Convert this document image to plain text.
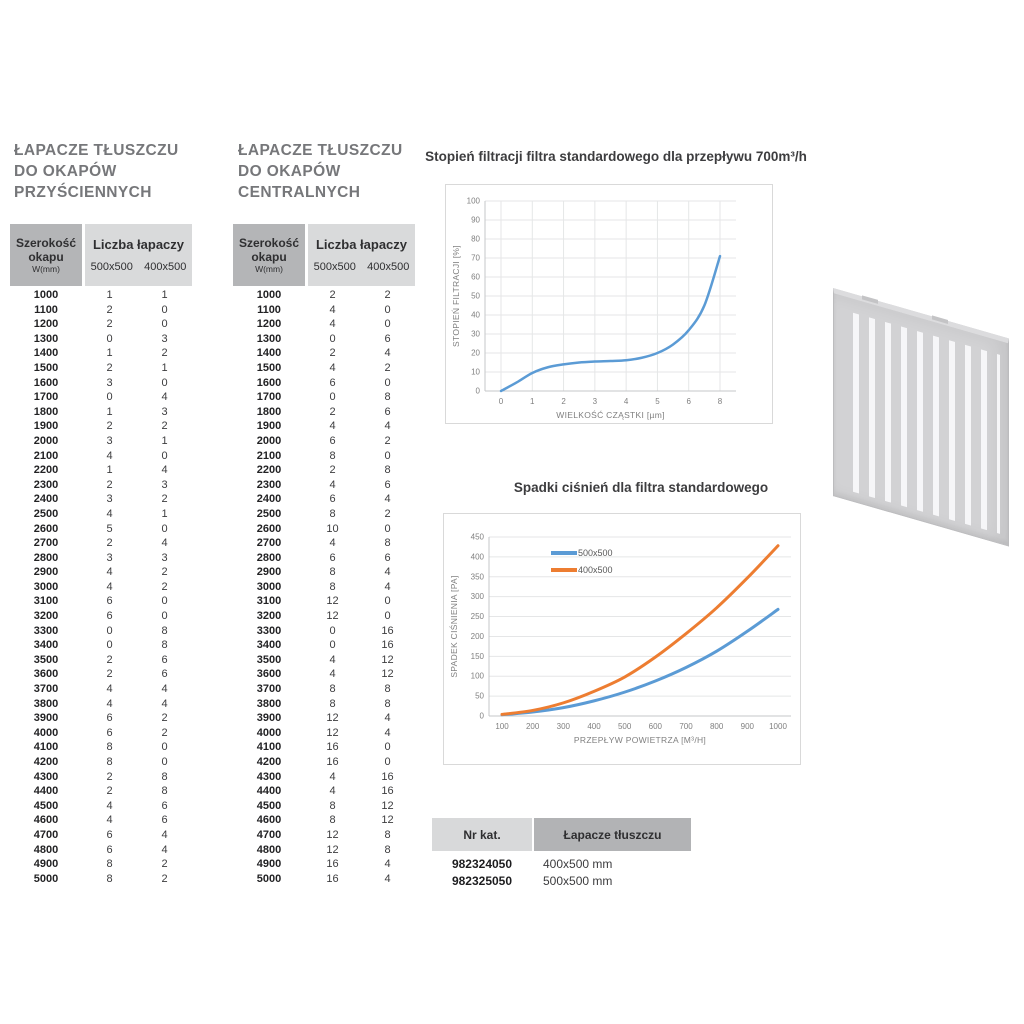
ŁAPACZE TŁUSZCZU
DO OKAPÓW
PRZYŚCIENNYCH
Szerokość
okapu
W(mm)
Liczba łapaczy
500x500	400x500
1000	1	1
1100	2	0
1200	2	0
1300	0	3
1400	1	2
1500	2	1
1600	3	0
1700	0	4
1800	1	3
1900	2	2
2000	3	1
2100	4	0
2200	1	4
2300	2	3
2400	3	2
2500	4	1
2600	5	0
2700	2	4
2800	3	3
2900	4	2
3000	4	2
3100	6	0
3200	6	0
3300	0	8
3400	0	8
3500	2	6
3600	2	6
3700	4	4
3800	4	4
3900	6	2
4000	6	2
4100	8	0
4200	8	0
4300	2	8
4400	2	8
4500	4	6
4600	4	6
4700	6	4
4800	6	4
4900	8	2
5000	8	2
ŁAPACZE TŁUSZCZU
DO OKAPÓW
CENTRALNYCH
Szerokość
okapu
W(mm)
Liczba łapaczy
500x500	400x500
1000	2	2
1100	4	0
1200	4	0
1300	0	6
1400	2	4
1500	4	2
1600	6	0
1700	0	8
1800	2	6
1900	4	4
2000	6	2
2100	8	0
2200	2	8
2300	4	6
2400	6	4
2500	8	2
2600	10	0
2700	4	8
2800	6	6
2900	8	4
3000	8	4
3100	12	0
3200	12	0
3300	0	16
3400	0	16
3500	4	12
3600	4	12
3700	8	8
3800	8	8
3900	12	4
4000	12	4
4100	16	0
4200	16	0
4300	4	16
4400	4	16
4500	8	12
4600	8	12
4700	12	8
4800	12	8
4900	16	4
5000	16	4
Stopień filtracji filtra standardowego dla przepływu 700m³/h
0
10
20
30
40
50
60
70
80
90
100
0	1	2	3	4	5	6	8
WIELKOŚĆ CZĄSTKI [µm]
STOPIEŃ FILTRACJI [%]
Spadki ciśnień dla filtra standardowego
0
50
100
150
200
250
300
350
400
450
100 200 300 400 500 600 700 800 900 1000
PRZEPŁYW POWIETRZA [M³/H]
SPADEK CIŚNIENIA [PA]
500x500
400x500
Nr kat.	Łapacze tłuszczu
982324050	400x500 mm
982325050	500x500 mm
